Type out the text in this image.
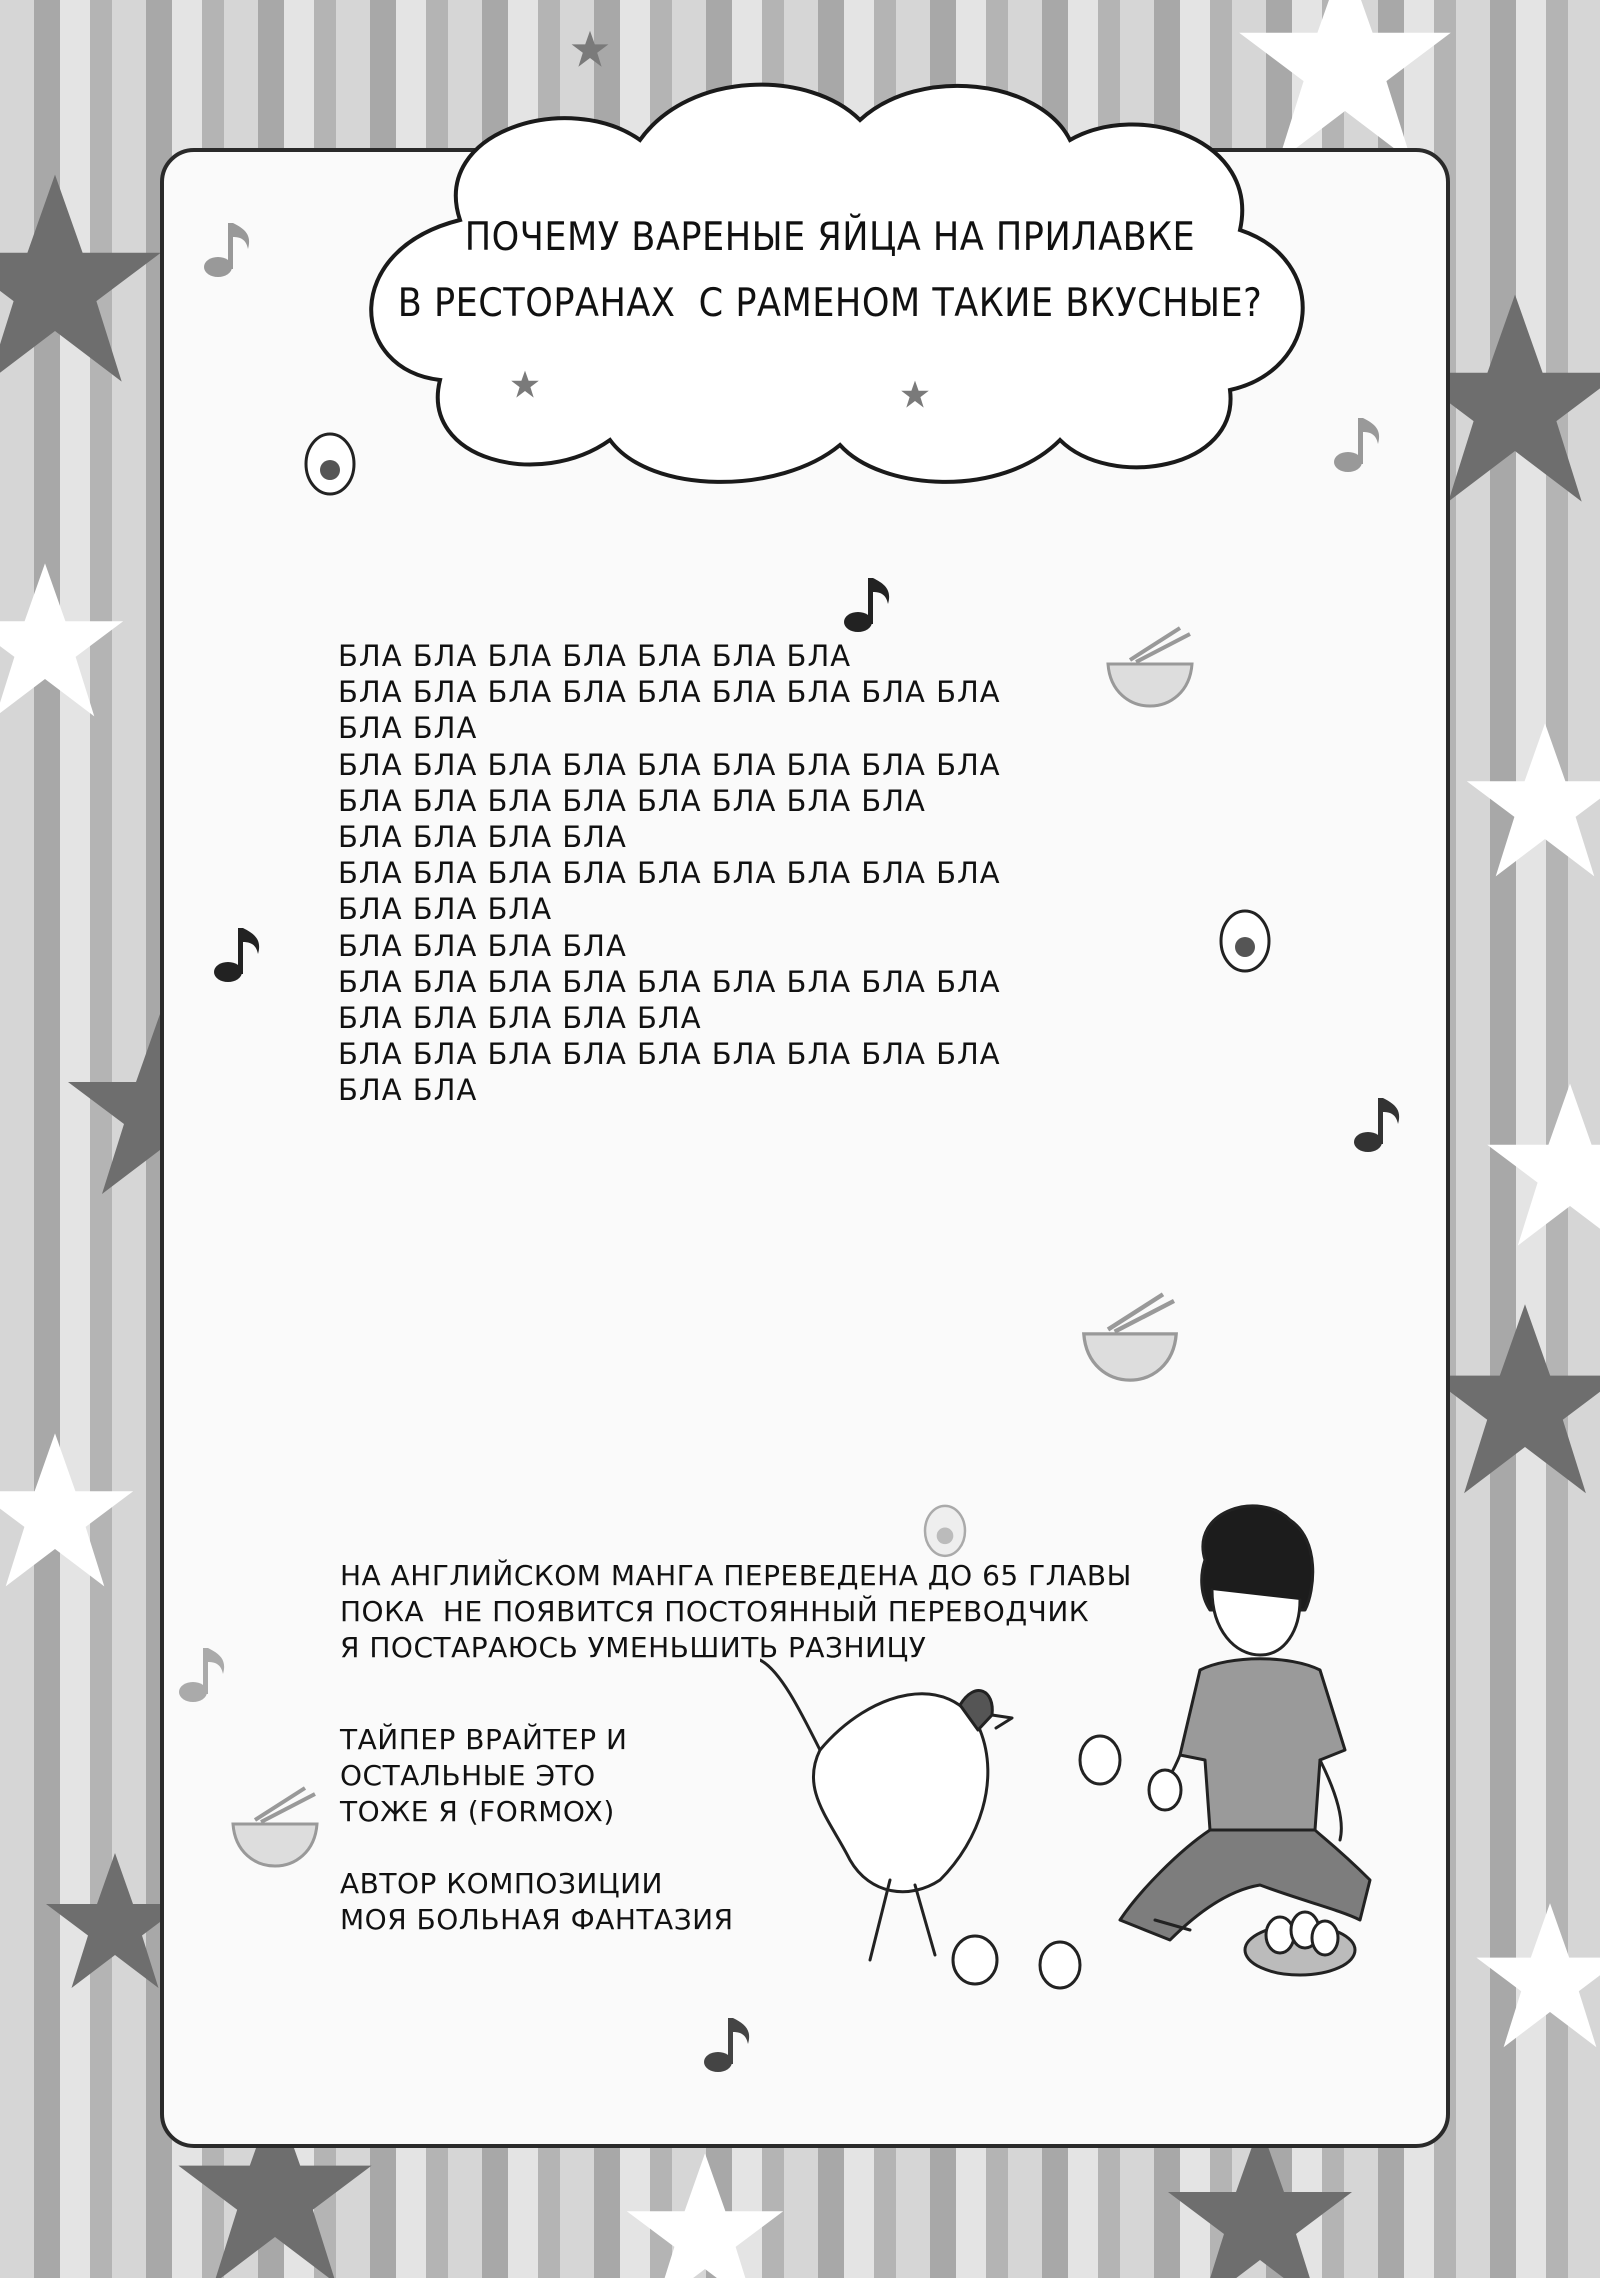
ПОЧЕМУ ВАРЕНЫЕ ЯЙЦА НА ПРИЛАВКЕ
В РЕСТОРАНАХ  С РАМЕНОМ ТАКИЕ ВКУСНЫЕ?
БЛА БЛА БЛА БЛА БЛА БЛА БЛА
БЛА БЛА БЛА БЛА БЛА БЛА БЛА БЛА БЛА
БЛА БЛА
БЛА БЛА БЛА БЛА БЛА БЛА БЛА БЛА БЛА
БЛА БЛА БЛА БЛА БЛА БЛА БЛА БЛА
БЛА БЛА БЛА БЛА
БЛА БЛА БЛА БЛА БЛА БЛА БЛА БЛА БЛА
БЛА БЛА БЛА
БЛА БЛА БЛА БЛА
БЛА БЛА БЛА БЛА БЛА БЛА БЛА БЛА БЛА
БЛА БЛА БЛА БЛА БЛА
БЛА БЛА БЛА БЛА БЛА БЛА БЛА БЛА БЛА
БЛА БЛА
НА АНГЛИЙСКОМ МАНГА ПЕРЕВЕДЕНА ДО 65 ГЛАВЫ
ПОКА  НЕ ПОЯВИТСЯ ПОСТОЯННЫЙ ПЕРЕВОДЧИК
Я ПОСТАРАЮСЬ УМЕНЬШИТЬ РАЗНИЦУ
ТАЙПЕР ВРАЙТЕР И
ОСТАЛЬНЫЕ ЭТО
ТОЖЕ Я (FORMOX)
АВТОР КОМПОЗИЦИИ
МОЯ БОЛЬНАЯ ФАНТАЗИЯ
